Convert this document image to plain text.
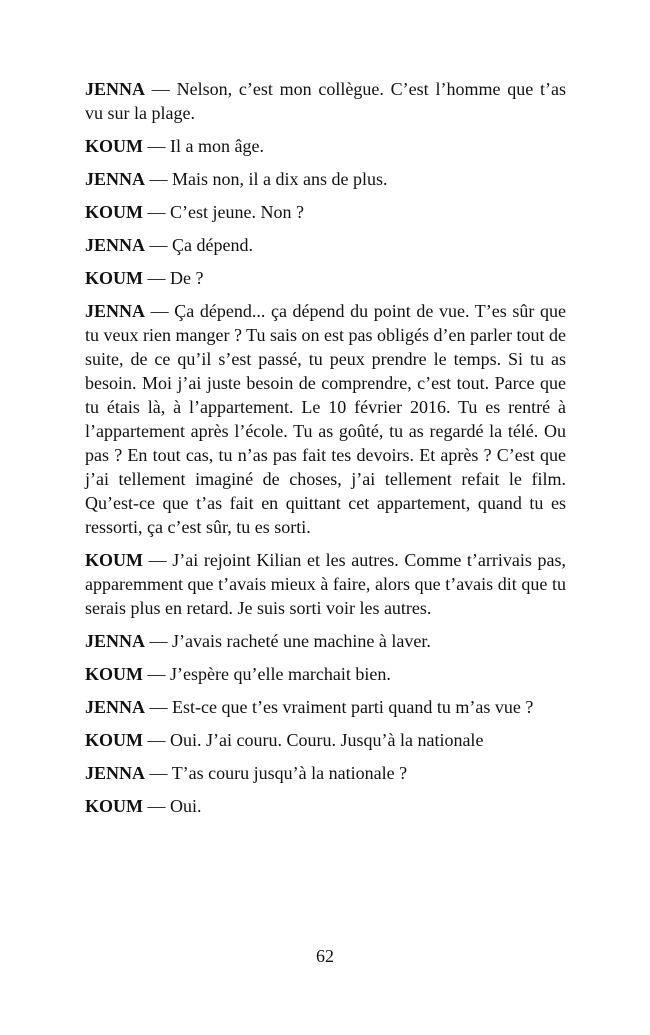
JENNA — Nelson, c’est mon collègue. C’est l’homme que t’as vu sur la plage.

KOUM — Il a mon âge.

JENNA — Mais non, il a dix ans de plus.

KOUM — C’est jeune. Non ?

JENNA — Ça dépend.

KOUM — De ?

JENNA — Ça dépend... ça dépend du point de vue. T’es sûr que tu veux rien manger ? Tu sais on est pas obligés d’en parler tout de suite, de ce qu’il s’est passé, tu peux prendre le temps. Si tu as besoin. Moi j’ai juste besoin de comprendre, c’est tout. Parce que tu étais là, à l’appartement. Le 10 février 2016. Tu es rentré à l’appartement après l’école. Tu as goûté, tu as regardé la télé. Ou pas ? En tout cas, tu n’as pas fait tes devoirs. Et après ? C’est que j’ai tellement imaginé de choses, j’ai tellement refait le film. Qu’est-ce que t’as fait en quittant cet appartement, quand tu es ressorti, ça c’est sûr, tu es sorti.

KOUM — J’ai rejoint Kilian et les autres. Comme t’arrivais pas, apparemment que t’avais mieux à faire, alors que t’avais dit que tu serais plus en retard. Je suis sorti voir les autres.

JENNA — J’avais racheté une machine à laver.

KOUM — J’espère qu’elle marchait bien.

JENNA — Est-ce que t’es vraiment parti quand tu m’as vue ?

KOUM — Oui. J’ai couru. Couru. Jusqu’à la nationale

JENNA — T’as couru jusqu’à la nationale ?

KOUM — Oui.

62
